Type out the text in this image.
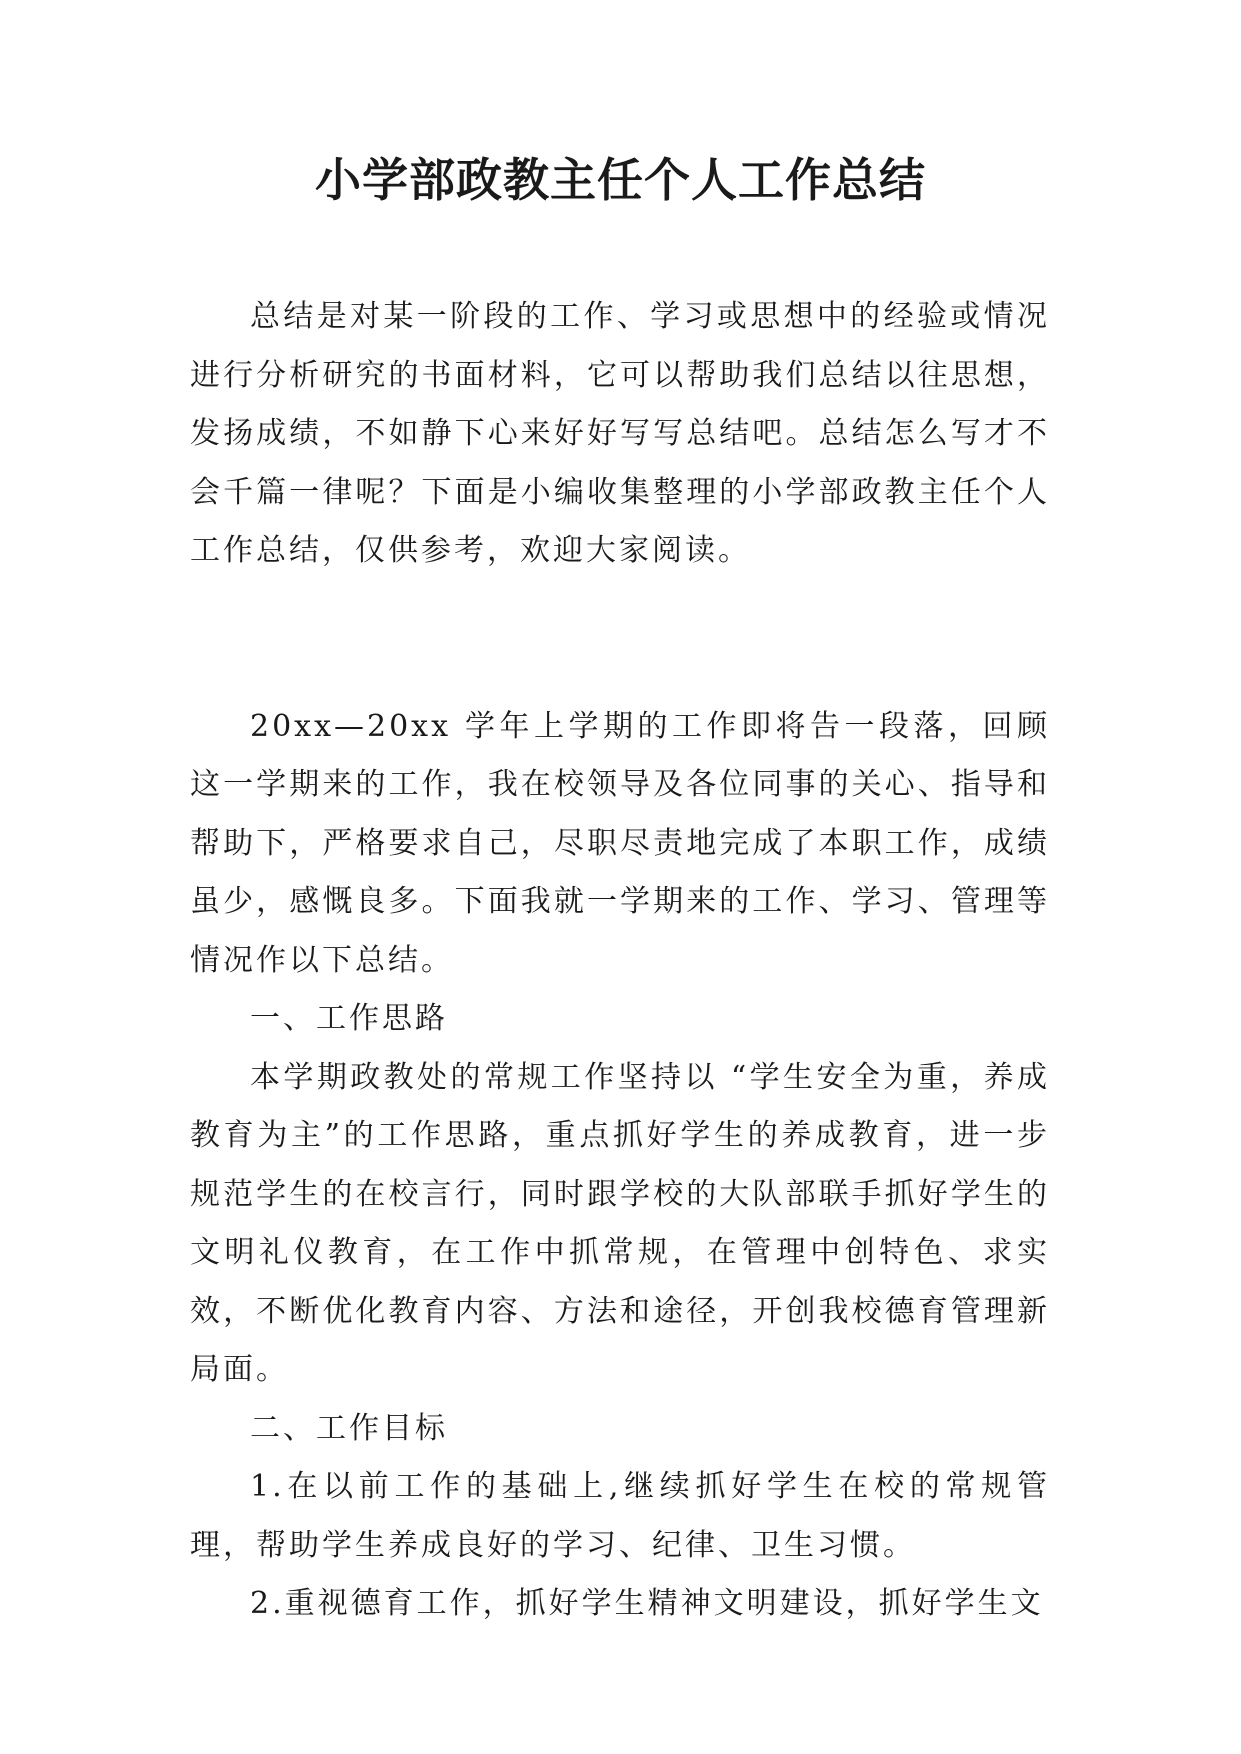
小学部政教主任个人工作总结

总结是对某一阶段的工作、学习或思想中的经验或情况进行分析研究的书面材料，它可以帮助我们总结以往思想，发扬成绩，不如静下心来好好写写总结吧。总结怎么写才不会千篇一律呢？下面是小编收集整理的小学部政教主任个人工作总结，仅供参考，欢迎大家阅读。

20xx—20xx 学年上学期的工作即将告一段落，回顾这一学期来的工作，我在校领导及各位同事的关心、指导和帮助下，严格要求自己，尽职尽责地完成了本职工作，成绩虽少，感慨良多。下面我就一学期来的工作、学习、管理等情况作以下总结。

一、工作思路

本学期政教处的常规工作坚持以 “学生安全为重，养成教育为主”的工作思路，重点抓好学生的养成教育，进一步规范学生的在校言行，同时跟学校的大队部联手抓好学生的文明礼仪教育，在工作中抓常规，在管理中创特色、求实效，不断优化教育内容、方法和途径，开创我校德育管理新局面。

二、工作目标

1.在以前工作的基础上,继续抓好学生在校的常规管理，帮助学生养成良好的学习、纪律、卫生习惯。

2.重视德育工作，抓好学生精神文明建设，抓好学生文
